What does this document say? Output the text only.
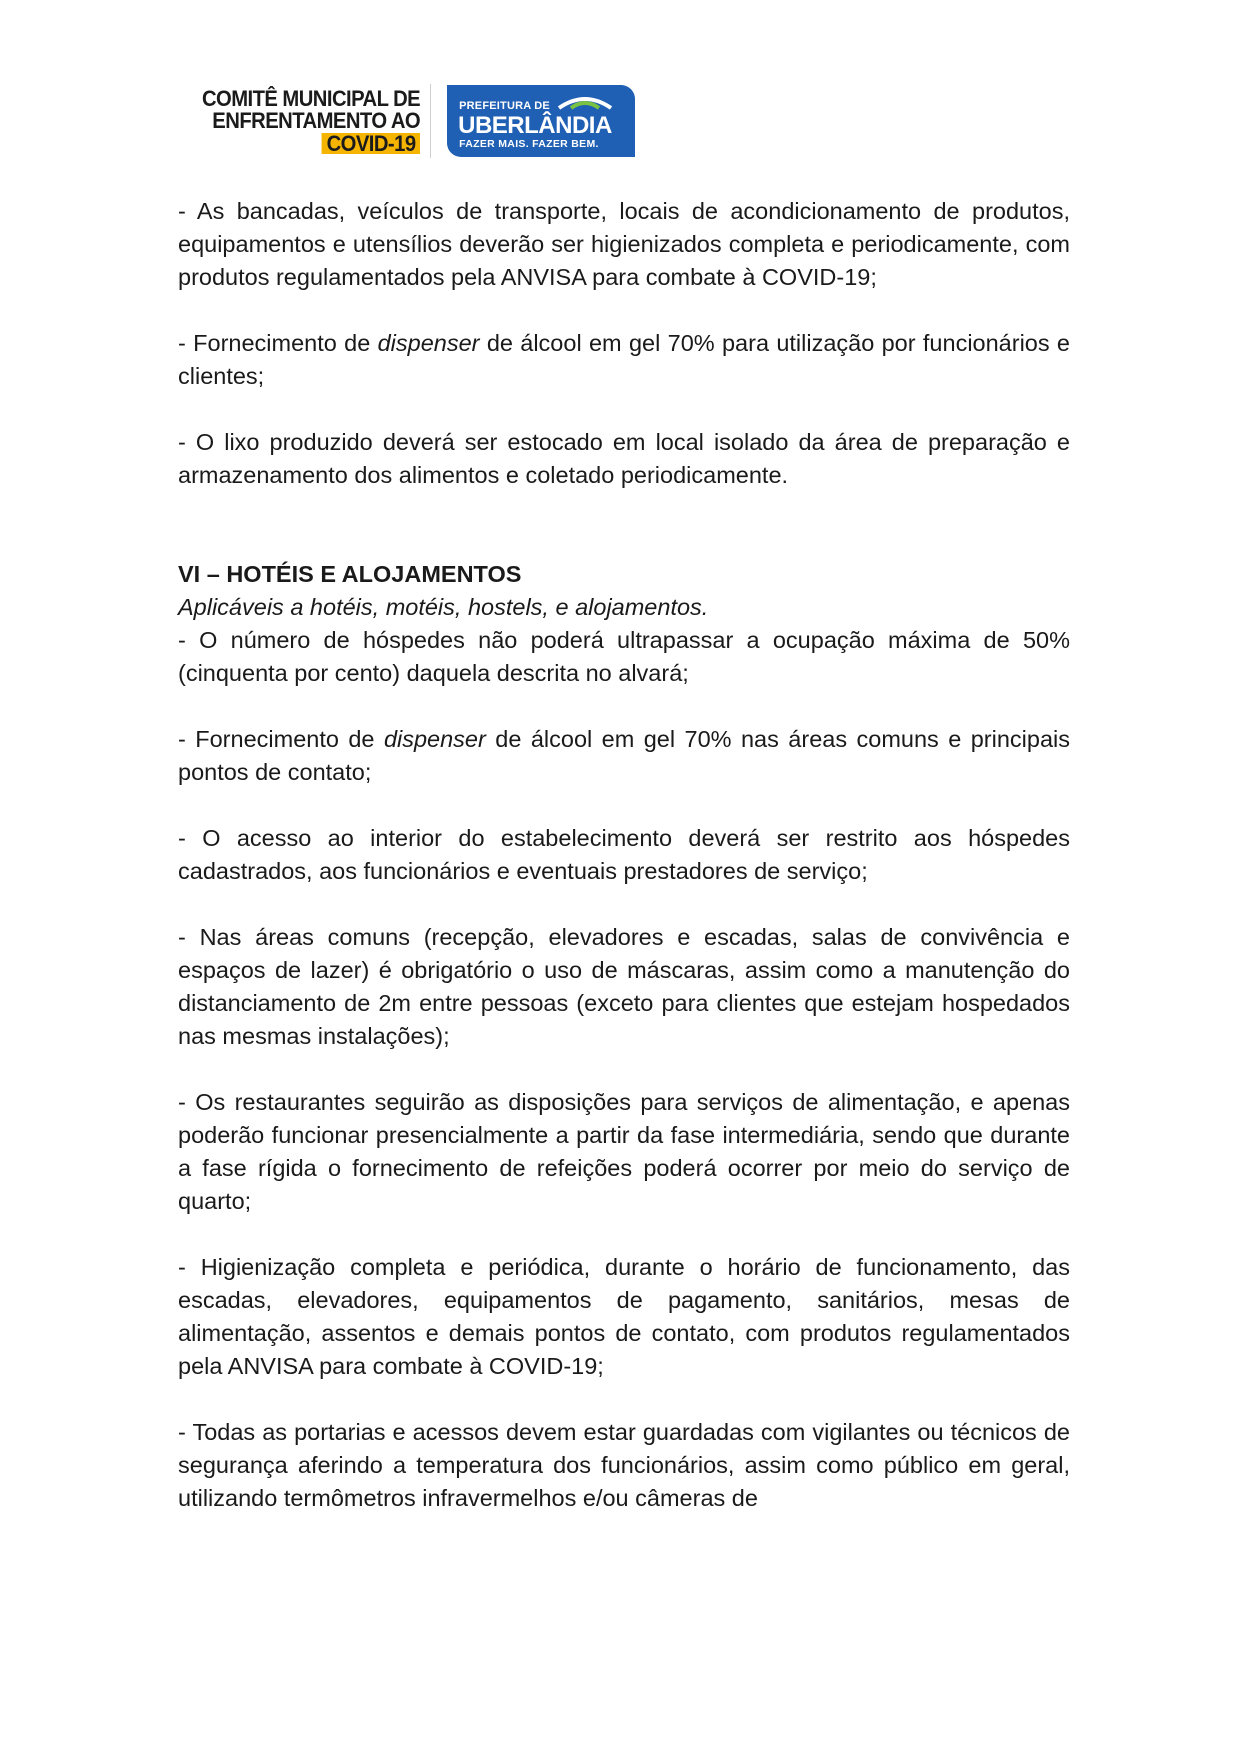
COMITÊ MUNICIPAL DE
ENFRENTAMENTO AO
COVID-19
PREFEITURA DE
UBERLÂNDIA
FAZER MAIS. FAZER BEM.

- As bancadas, veículos de transporte, locais de acondicionamento de produtos, equipamentos e utensílios deverão ser higienizados completa e periodicamente, com produtos regulamentados pela ANVISA para combate à COVID-19;

- Fornecimento de dispenser de álcool em gel 70% para utilização por funcionários e clientes;

- O lixo produzido deverá ser estocado em local isolado da área de preparação e armazenamento dos alimentos e coletado periodicamente.

VI – HOTÉIS E ALOJAMENTOS

Aplicáveis a hotéis, motéis, hostels, e alojamentos.

- O número de hóspedes não poderá ultrapassar a ocupação máxima de 50% (cinquenta por cento) daquela descrita no alvará;

- Fornecimento de dispenser de álcool em gel 70% nas áreas comuns e principais pontos de contato;

- O acesso ao interior do estabelecimento deverá ser restrito aos hóspedes cadastrados, aos funcionários e eventuais prestadores de serviço;

- Nas áreas comuns (recepção, elevadores e escadas, salas de convivência e espaços de lazer) é obrigatório o uso de máscaras, assim como a manutenção do distanciamento de 2m entre pessoas (exceto para clientes que estejam hospedados nas mesmas instalações);

- Os restaurantes seguirão as disposições para serviços de alimentação, e apenas poderão funcionar presencialmente a partir da fase intermediária, sendo que durante a fase rígida o fornecimento de refeições poderá ocorrer por meio do serviço de quarto;

- Higienização completa e periódica, durante o horário de funcionamento, das escadas, elevadores, equipamentos de pagamento, sanitários, mesas de alimentação, assentos e demais pontos de contato, com produtos regulamentados pela ANVISA para combate à COVID-19;

- Todas as portarias e acessos devem estar guardadas com vigilantes ou técnicos de segurança aferindo a temperatura dos funcionários, assim como público em geral, utilizando termômetros infravermelhos e/ou câmeras de
